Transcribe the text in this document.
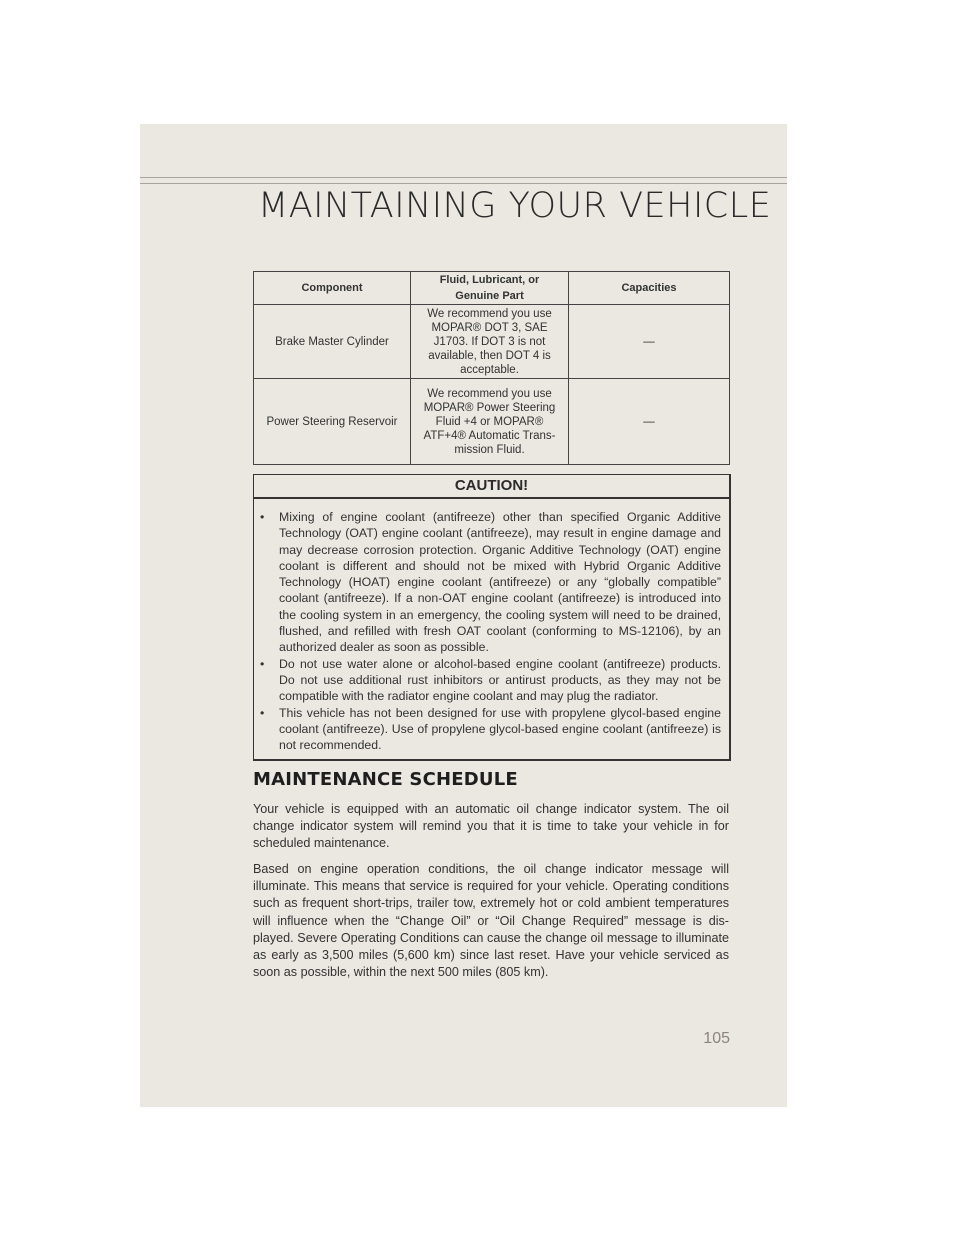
MAINTAINING YOUR VEHICLE
Component	Fluid, Lubricant, or Genuine Part	Capacities
Brake Master Cylinder	We recommend you use MOPAR® DOT 3, SAE J1703. If DOT 3 is not available, then DOT 4 is acceptable.	—
Power Steering Reservoir	We recommend you use MOPAR® Power Steering Fluid +4 or MOPAR® ATF+4® Automatic Trans-mission Fluid.	—
CAUTION!
• Mixing of engine coolant (antifreeze) other than specified Organic Additive Technology (OAT) engine coolant (antifreeze), may result in engine damage and may decrease corrosion protection. Organic Additive Technology (OAT) engine coolant is different and should not be mixed with Hybrid Organic Additive Technology (HOAT) engine coolant (antifreeze) or any “globally compatible” coolant (antifreeze). If a non-OAT engine coolant (antifreeze) is introduced into the cooling system in an emergency, the cooling system will need to be drained, flushed, and refilled with fresh OAT coolant (conforming to MS-12106), by an authorized dealer as soon as possible.
• Do not use water alone or alcohol-based engine coolant (antifreeze) products. Do not use additional rust inhibitors or antirust products, as they may not be compatible with the radiator engine coolant and may plug the radiator.
• This vehicle has not been designed for use with propylene glycol-based engine coolant (antifreeze). Use of propylene glycol-based engine coolant (antifreeze) is not recommended.
MAINTENANCE SCHEDULE

Your vehicle is equipped with an automatic oil change indicator system. The oil change indicator system will remind you that it is time to take your vehicle in for scheduled maintenance.

Based on engine operation conditions, the oil change indicator message will illuminate. This means that service is required for your vehicle. Operating conditions such as frequent short-trips, trailer tow, extremely hot or cold ambient temperatures will influence when the “Change Oil” or “Oil Change Required” message is dis-played. Severe Operating Conditions can cause the change oil message to illuminate as early as 3,500 miles (5,600 km) since last reset. Have your vehicle serviced as soon as possible, within the next 500 miles (805 km).

105
